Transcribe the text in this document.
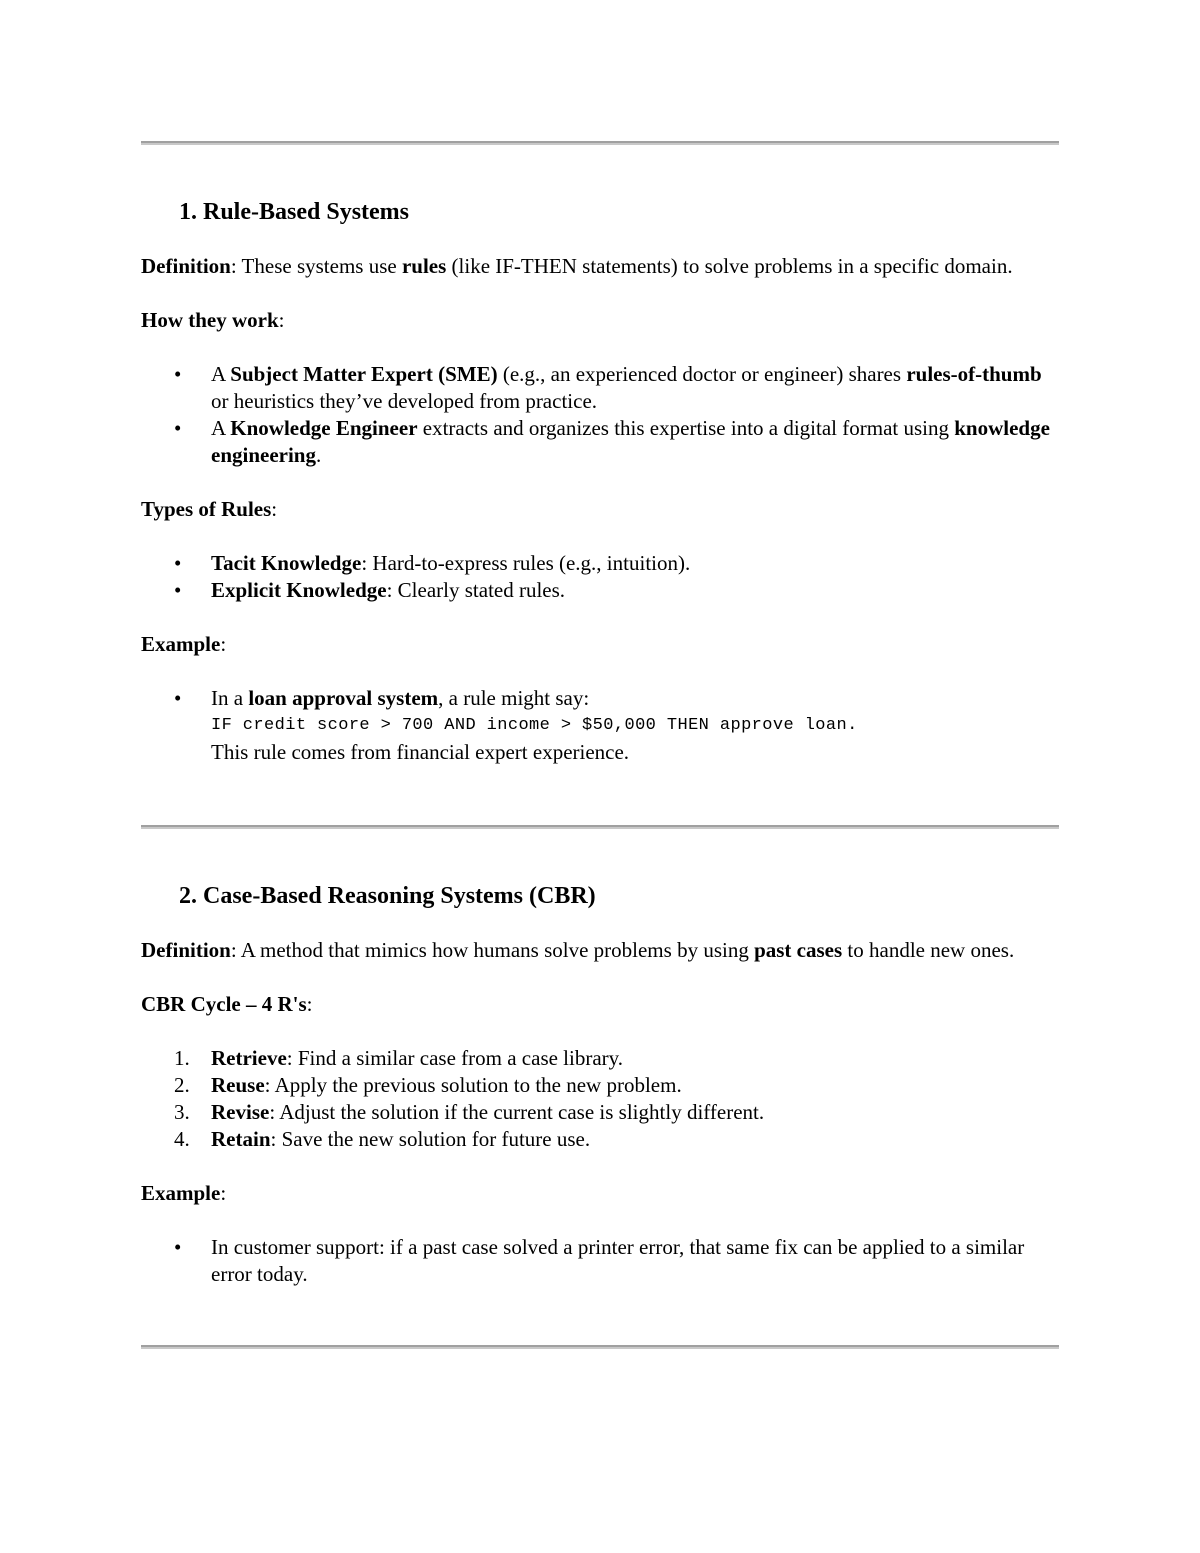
1. Rule-Based Systems

Definition: These systems use rules (like IF-THEN statements) to solve problems in a specific domain.

How they work:

• A Subject Matter Expert (SME) (e.g., an experienced doctor or engineer) shares rules-of-thumb or heuristics they’ve developed from practice.
• A Knowledge Engineer extracts and organizes this expertise into a digital format using knowledge engineering.

Types of Rules:

• Tacit Knowledge: Hard-to-express rules (e.g., intuition).
• Explicit Knowledge: Clearly stated rules.

Example:

• In a loan approval system, a rule might say:
IF credit score > 700 AND income > $50,000 THEN approve loan.
This rule comes from financial expert experience.

2. Case-Based Reasoning Systems (CBR)

Definition: A method that mimics how humans solve problems by using past cases to handle new ones.

CBR Cycle – 4 R's:

1. Retrieve: Find a similar case from a case library.
2. Reuse: Apply the previous solution to the new problem.
3. Revise: Adjust the solution if the current case is slightly different.
4. Retain: Save the new solution for future use.

Example:

• In customer support: if a past case solved a printer error, that same fix can be applied to a similar error today.
